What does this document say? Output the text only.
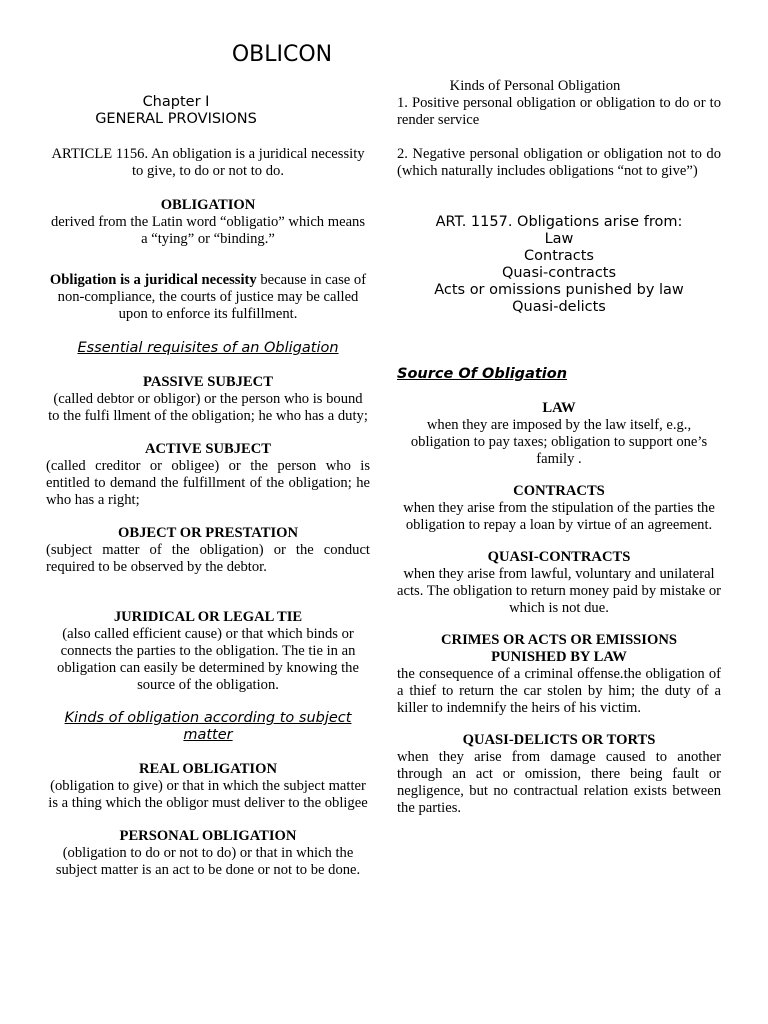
OBLICON
Chapter I
GENERAL PROVISIONS
ARTICLE 1156. An obligation is a juridical necessity to give, to do or not to do.
OBLIGATION
derived from the Latin word “obligatio” which means a “tying” or “binding.”
Obligation is a juridical necessity because in case of non-compliance, the courts of justice may be called upon to enforce its fulfillment.
Essential requisites of an Obligation
PASSIVE SUBJECT
(called debtor or obligor) or the person who is bound to the fulfi llment of the obligation; he who has a duty;
ACTIVE SUBJECT
(called creditor or obligee) or the person who is entitled to demand the fulfillment of the obligation; he who has a right;
OBJECT OR PRESTATION
(subject matter of the obligation) or the conduct required to be observed by the debtor.
JURIDICAL OR LEGAL TIE
(also called efficient cause) or that which binds or connects the parties to the obligation. The tie in an obligation can easily be determined by knowing the source of the obligation.
Kinds of obligation according to subject matter
REAL OBLIGATION
(obligation to give) or that in which the subject matter is a thing which the obligor must deliver to the obligee
PERSONAL OBLIGATION
(obligation to do or not to do) or that in which the subject matter is an act to be done or not to be done.
Kinds of Personal Obligation
1. Positive personal obligation or obligation to do or to render service
2. Negative personal obligation or obligation not to do (which naturally includes obligations “not to give”)
ART. 1157. Obligations arise from:
Law
Contracts
Quasi-contracts
Acts or omissions punished by law
Quasi-delicts
Source Of Obligation
LAW
when they are imposed by the law itself, e.g., obligation to pay taxes; obligation to support one’s family .
CONTRACTS
when they arise from the stipulation of the parties the obligation to repay a loan by virtue of an agreement.
QUASI-CONTRACTS
when they arise from lawful, voluntary and unilateral acts. The obligation to return money paid by mistake or which is not due.
CRIMES OR ACTS OR EMISSIONS PUNISHED BY LAW
the consequence of a criminal offense.the obligation of a thief to return the car stolen by him; the duty of a killer to indemnify the heirs of his victim.
QUASI-DELICTS OR TORTS
when they arise from damage caused to another through an act or omission, there being fault or negligence, but no contractual relation exists between the parties.
